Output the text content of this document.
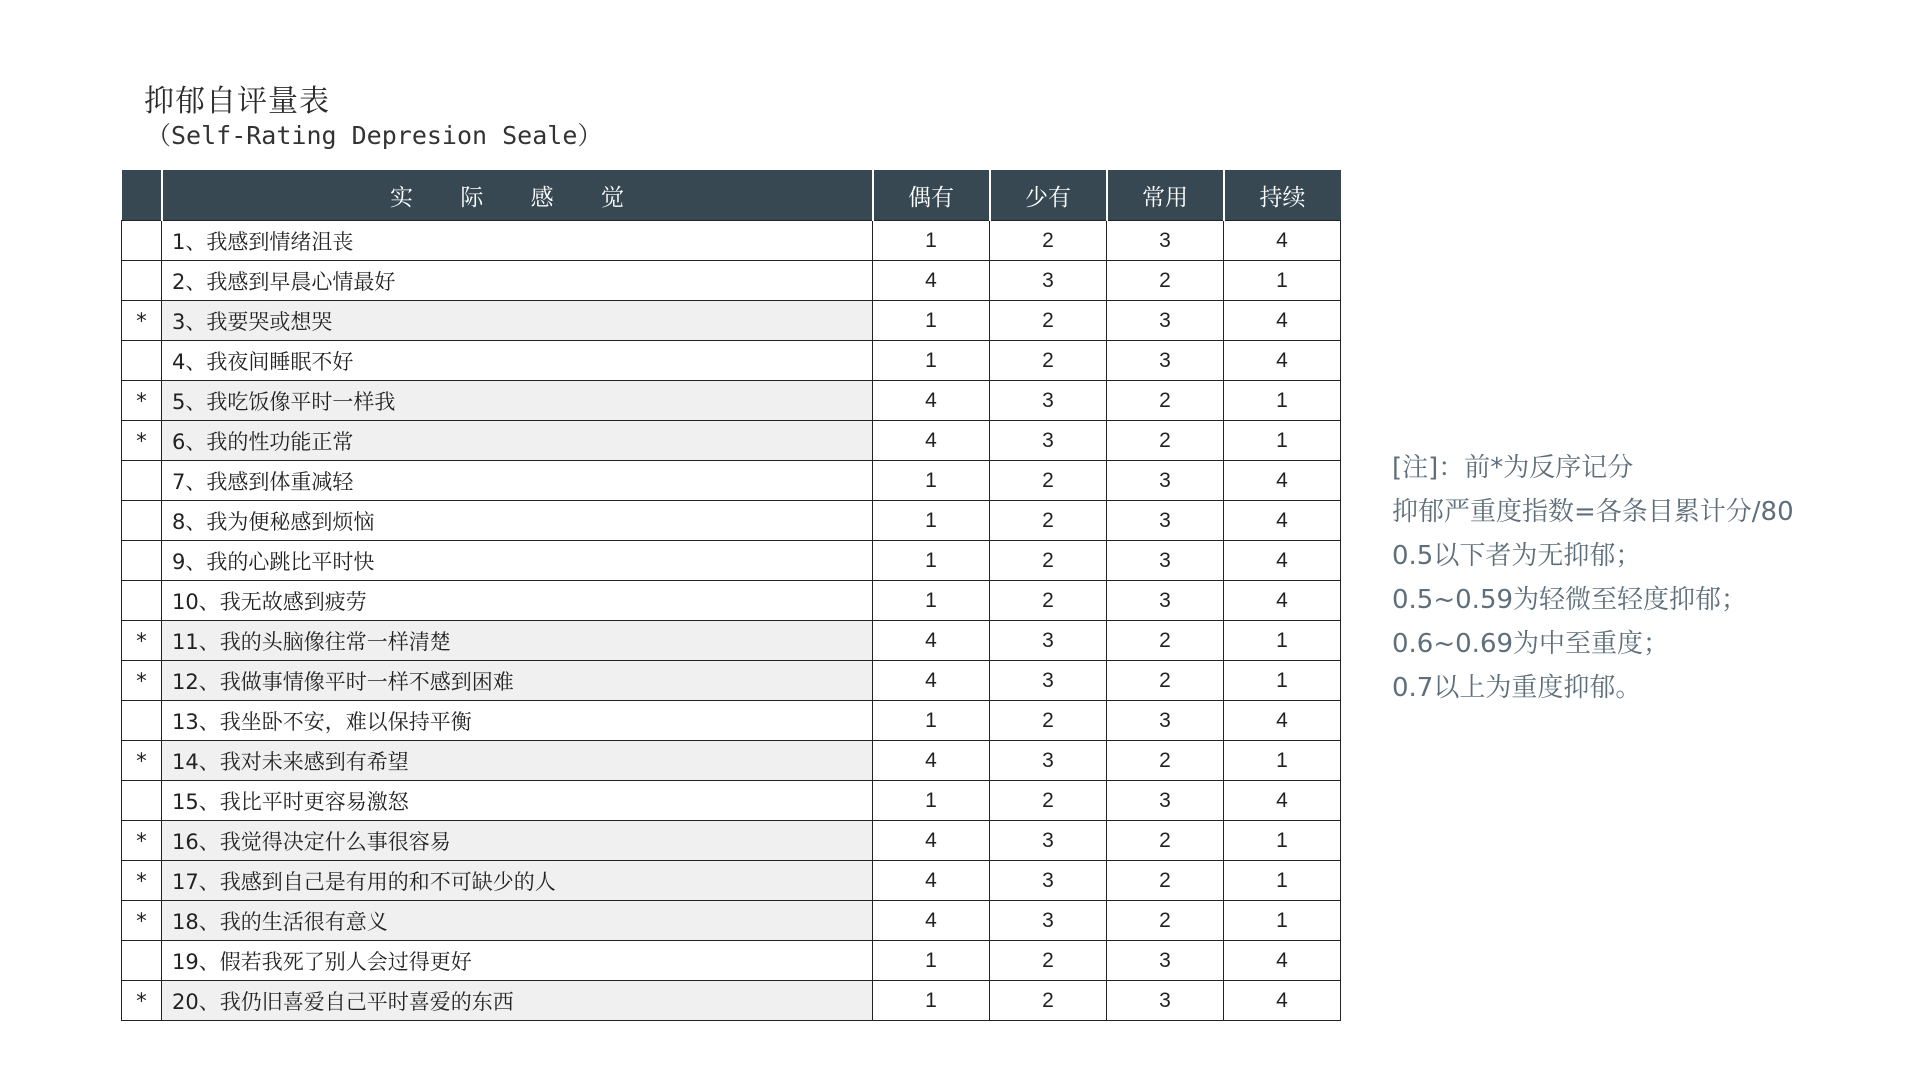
抑郁自评量表
（Self-Rating Depresion Seale）
	实 际 感 觉	偶有	少有	常用	持续
	1、我感到情绪沮丧	1	2	3	4
	2、我感到早晨心情最好	4	3	2	1
*	3、我要哭或想哭	1	2	3	4
	4、我夜间睡眠不好	1	2	3	4
*	5、我吃饭像平时一样我	4	3	2	1
*	6、我的性功能正常	4	3	2	1
	7、我感到体重减轻	1	2	3	4
	8、我为便秘感到烦恼	1	2	3	4
	9、我的心跳比平时快	1	2	3	4
	10、我无故感到疲劳	1	2	3	4
*	11、我的头脑像往常一样清楚	4	3	2	1
*	12、我做事情像平时一样不感到困难	4	3	2	1
	13、我坐卧不安，难以保持平衡	1	2	3	4
*	14、我对未来感到有希望	4	3	2	1
	15、我比平时更容易激怒	1	2	3	4
*	16、我觉得决定什么事很容易	4	3	2	1
*	17、我感到自己是有用的和不可缺少的人	4	3	2	1
*	18、我的生活很有意义	4	3	2	1
	19、假若我死了别人会过得更好	1	2	3	4
*	20、我仍旧喜爱自己平时喜爱的东西	1	2	3	4
[注]：前*为反序记分
抑郁严重度指数=各条目累计分/80
0.5以下者为无抑郁；
0.5~0.59为轻微至轻度抑郁；
0.6~0.69为中至重度；
0.7以上为重度抑郁。
